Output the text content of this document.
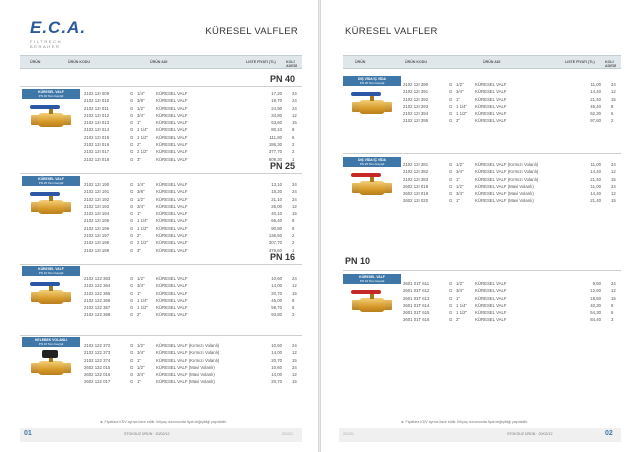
E.C.A.
FILTRECH BERAHER
KÜRESEL VALFLER
ÜRÜN	ÜRÜN KODU	ÜRÜN ADI	LISTE FİYATI (TL)	KOLİ ADEDİ
PN 40
KÜRESEL VALF
PN 40 Tam Geçişli	2102 12I 009	G 1/4"	KÜRESEL VALF	17,20 24
2102 12I 010	G 3/8"	KÜRESEL VALF	19,70 24
2102 12I 011	G 1/2"	KÜRESEL VALF	24,90 24
2102 12I 012	G 3/4"	KÜRESEL VALF	34,80 12
2102 12I 013	G 1"	KÜRESEL VALF	53,60 15
2102 12I 014	G 1 1/4" KÜRESEL VALF	80,10 8
2102 12I 015	G 1 1/2" KÜRESEL VALF	111,80 6
2102 12I 016	G 2"	KÜRESEL VALF	186,30 2
2102 12I 017	G 2 1/2" KÜRESEL VALF	377,70 2
2102 12I 018	G 3"	KÜRESEL VALF	609,30 1
PN 25
KÜRESEL VALF
PN 25 Tam Geçişli	2102 12I 190	G 1/4"	KÜRESEL VALF	13,10 24
2102 12I 191	G 3/8"	KÜRESEL VALF	15,20 24
2102 12I 192	G 1/2"	KÜRESEL VALF	21,10 24
2102 12I 193	G 3/4"	KÜRESEL VALF	26,00 12
2102 12I 194	G 1"	KÜRESEL VALF	40,10 15
2102 12I 195	G 1 1/4" KÜRESEL VALF	66,40 8
2102 12I 196	G 1 1/2" KÜRESEL VALF	90,80 6
2102 12I 197	G 2"	KÜRESEL VALF	136,50 2
2102 12I 198	G 2 1/2" KÜRESEL VALF	307,70 2
2102 12I 199	G 3"	KÜRESEL VALF	476,60 1
PN 16
KÜRESEL VALF
PN 16 Tam Geçişli
2102 122 363	G 1/2"	KÜRESEL VALF	10,60 24
2102 122 364	G 3/4"	KÜRESEL VALF	14,00 12
2102 122 365	G 1"	KÜRESEL VALF	20,70 15
2102 122 366	G 1 1/4" KÜRESEL VALF	45,00 8
2102 122 367	G 1 1/2" KÜRESEL VALF	59,70 6
2102 122 368	G 2"	KÜRESEL VALF	93,80 3
KELEBEK VOLANLI
PN 16 Tam Geçişli	2102 122 372	G 1/2"	KÜRESEL VALF (Kırmızı Volanlı)	10,60 24
2102 122 373	G 3/4"	KÜRESEL VALF (Kırmızı Volanlı)	14,00 12
2102 122 374	G 1"	KÜRESEL VALF (Kırmızı Volanlı)	20,70 15
2602 122 015	G 1/2"	KÜRESEL VALF (Mavi Volanlı)	10,60 24
2602 122 016	G 3/4"	KÜRESEL VALF (Mavi Volanlı)	14,00 12
2602 122 017	G 1"	KÜRESEL VALF (Mavi Volanlı)	20,70 15
► Fiyatlara KDV ayrıca ilave edilir. İhtiyaç durumunda fiyat değişikliği yapılabilir.
01	STOKSUZ ÜRÜN · 20/02/12	2012/1
KÜRESEL VALFLER
ÜRÜN	ÜRÜN KODU	ÜRÜN ADI	LISTE FİYATI (TL)	KOLİ ADEDİ
DIŞ VİDA İÇ VİDA
PN 25 Tam Geçişli	2102 12I 390	G 1/2"	KÜRESEL VALF	11,00 24
2102 12I 391	G 3/4"	KÜRESEL VALF	14,40 12
2102 12I 392	G 1"	KÜRESEL VALF	21,40 15
2102 12I 393	G 1 1/4" KÜRESEL VALF	46,40 8
2102 12I 394	G 1 1/2" KÜRESEL VALF	62,30 6
2102 12I 395	G 2"	KÜRESEL VALF	97,60 2
DIŞ VİDA İÇ VİDA
PN 25 Tam Geçişli	2102 12I 381	G 1/2"	KÜRESEL VALF (Kırmızı Volanlı)	11,00 24
2102 12I 382	G 3/4"	KÜRESEL VALF (Kırmızı Volanlı)	14,40 12
2102 12I 383	G 1"	KÜRESEL VALF (Kırmızı Volanlı)	21,40 15
2602 12I 018	G 1/2"	KÜRESEL VALF (Mavi Volanlı)	11,00 24
2602 12I 019	G 3/4"	KÜRESEL VALF (Mavi Volanlı)	14,40 12
2602 12I 020	G 1"	KÜRESEL VALF (Mavi Volanlı)	21,40 15
PN 10
KÜRESEL VALF
PN 10 Tam Geçişli	2601 01T 611	G 1/2"	KÜRESEL VALF	9,60 24
2601 01T 612	G 3/4"	KÜRESEL VALF	12,60 12
2601 01T 613	G 1"	KÜRESEL VALF	18,60 15
2601 01T 614	G 1 1/4" KÜRESEL VALF	40,30 8
2601 01T 615	G 1 1/2" KÜRESEL VALF	54,30 6
2601 01T 616	G 2"	KÜRESEL VALF	84,40 3
► Fiyatlara KDV ayrıca ilave edilir. İhtiyaç durumunda fiyat değişikliği yapılabilir.
2012/1	STOKSUZ ÜRÜN · 20/02/12	02
